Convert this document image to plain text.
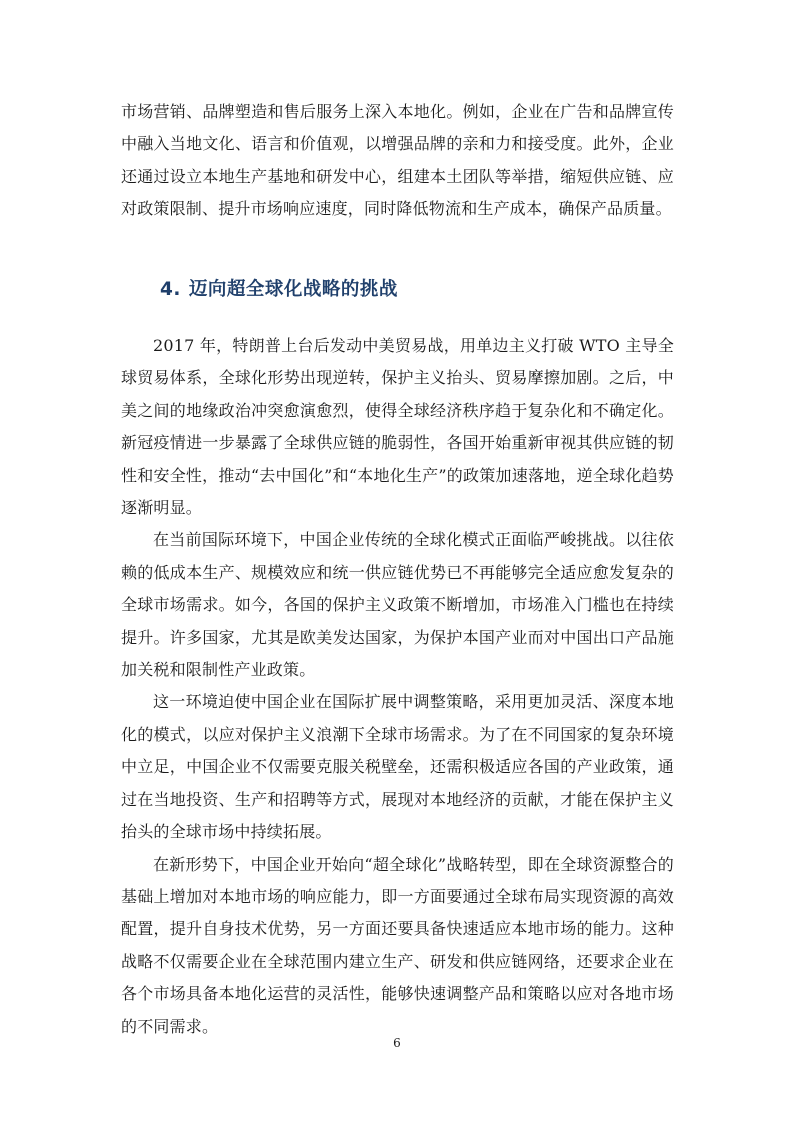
市场营销、品牌塑造和售后服务上深入本地化。例如，企业在广告和品牌宣传中融入当地文化、语言和价值观，以增强品牌的亲和力和接受度。此外，企业还通过设立本地生产基地和研发中心，组建本土团队等举措，缩短供应链、应对政策限制、提升市场响应速度，同时降低物流和生产成本，确保产品质量。

4. 迈向超全球化战略的挑战

2017 年，特朗普上台后发动中美贸易战，用单边主义打破 WTO 主导全球贸易体系，全球化形势出现逆转，保护主义抬头、贸易摩擦加剧。之后，中美之间的地缘政治冲突愈演愈烈，使得全球经济秩序趋于复杂化和不确定化。新冠疫情进一步暴露了全球供应链的脆弱性，各国开始重新审视其供应链的韧性和安全性，推动“去中国化”和“本地化生产”的政策加速落地，逆全球化趋势逐渐明显。

在当前国际环境下，中国企业传统的全球化模式正面临严峻挑战。以往依赖的低成本生产、规模效应和统一供应链优势已不再能够完全适应愈发复杂的全球市场需求。如今，各国的保护主义政策不断增加，市场准入门槛也在持续提升。许多国家，尤其是欧美发达国家，为保护本国产业而对中国出口产品施加关税和限制性产业政策。

这一环境迫使中国企业在国际扩展中调整策略，采用更加灵活、深度本地化的模式，以应对保护主义浪潮下全球市场需求。为了在不同国家的复杂环境中立足，中国企业不仅需要克服关税壁垒，还需积极适应各国的产业政策，通过在当地投资、生产和招聘等方式，展现对本地经济的贡献，才能在保护主义抬头的全球市场中持续拓展。

在新形势下，中国企业开始向“超全球化”战略转型，即在全球资源整合的基础上增加对本地市场的响应能力，即一方面要通过全球布局实现资源的高效配置，提升自身技术优势，另一方面还要具备快速适应本地市场的能力。这种战略不仅需要企业在全球范围内建立生产、研发和供应链网络，还要求企业在各个市场具备本地化运营的灵活性，能够快速调整产品和策略以应对各地市场的不同需求。

6
